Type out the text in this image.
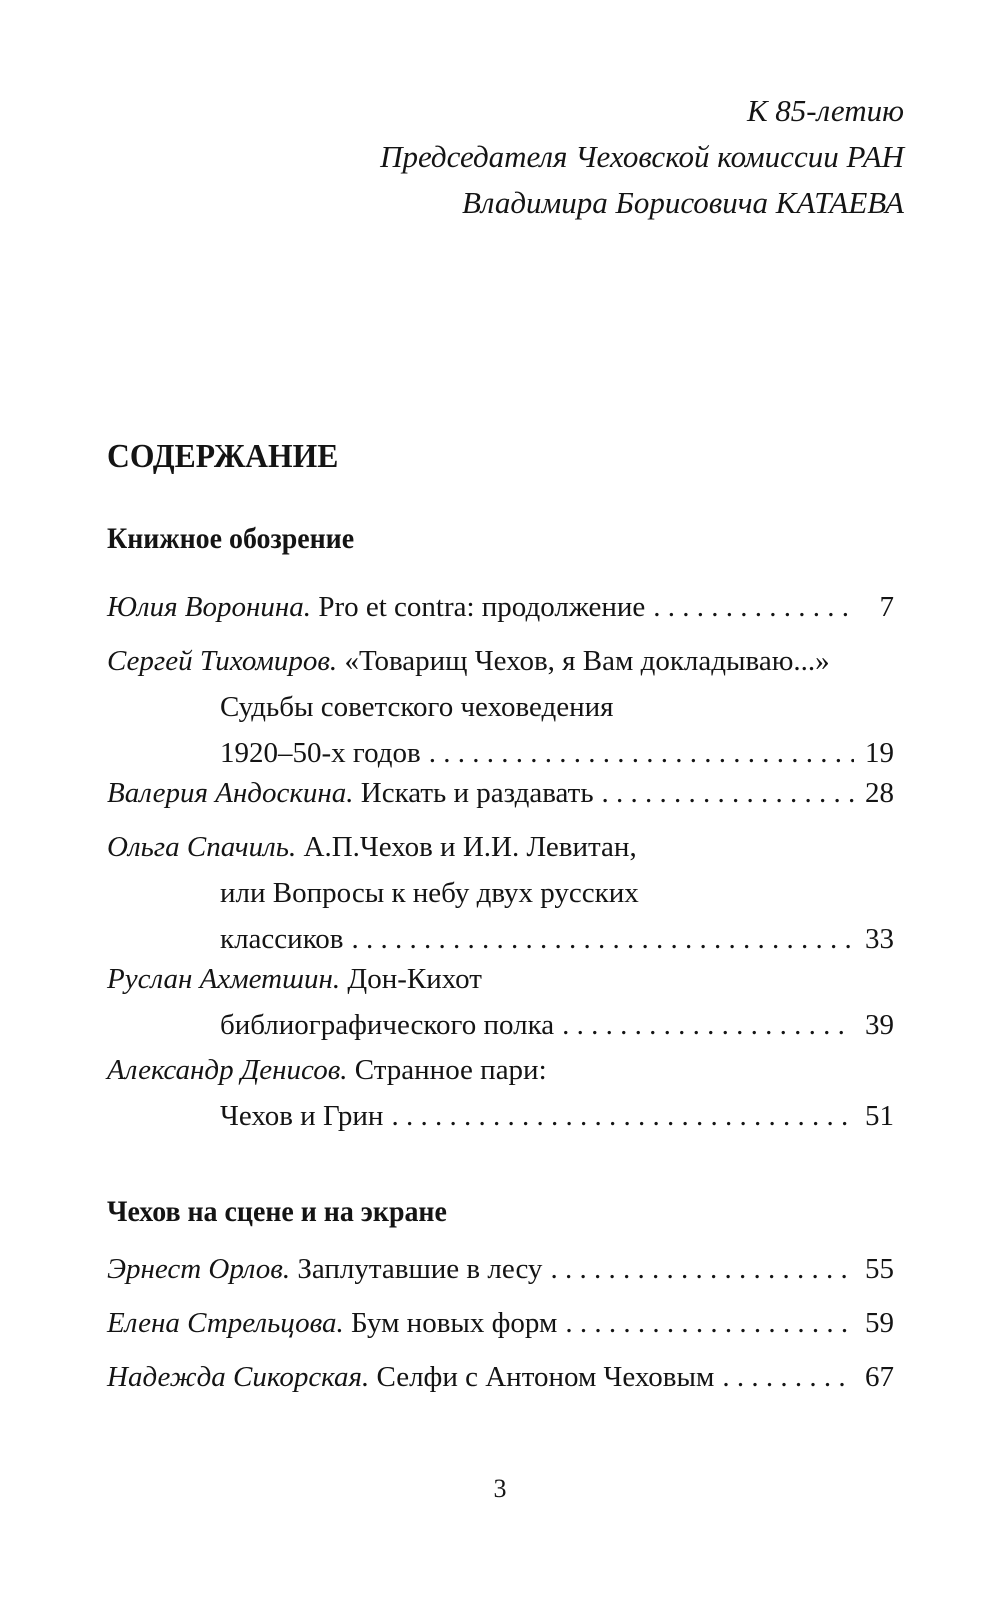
К 85-летию
Председателя Чеховской комиссии РАН
Владимира Борисовича КАТАЕВА
СОДЕРЖАНИЕ
Книжное обозрение
Юлия Воронина. Pro et contra: продолжение . . .	7
Сергей Тихомиров. «Товарищ Чехов, я Вам докладываю...»
Судьбы советского чеховедения
1920–50-х годов . . .	19
Валерия Андоскина. Искать и раздавать . . .	28
Ольга Спачиль. А.П.Чехов и И.И. Левитан,
или Вопросы к небу двух русских
классиков . . .	33
Руслан Ахметшин. Дон-Кихот
библиографического полка . . .	39
Александр Денисов. Странное пари:
Чехов и Грин . . .	51
Чехов на сцене и на экране
Эрнест Орлов. Заплутавшие в лесу . . .	55
Елена Стрельцова. Бум новых форм . . .	59
Надежда Сикорская. Селфи с Антоном Чеховым . . .	67
3
